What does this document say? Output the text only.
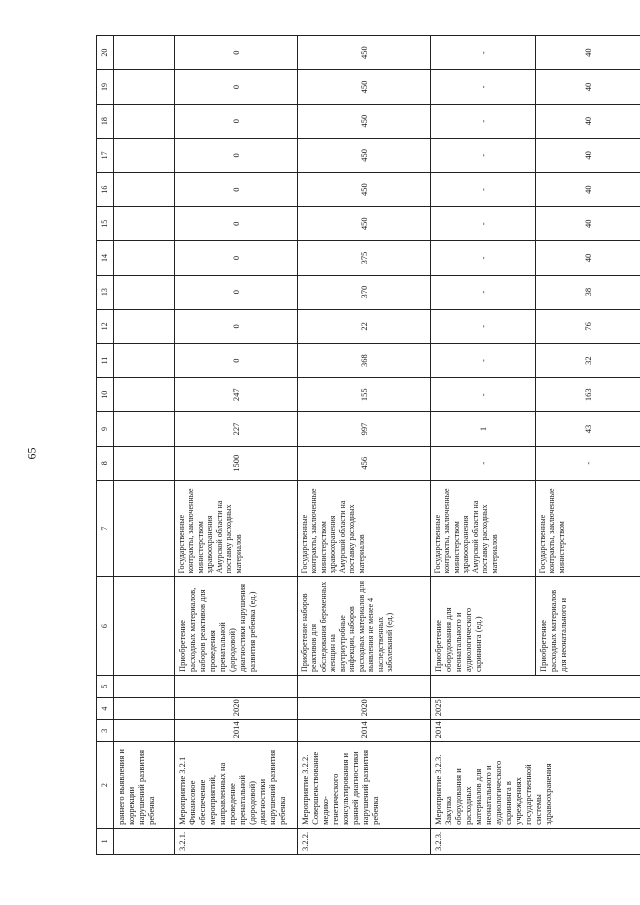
65
1	2	3	4	5	6	7	8	9	10	11	12	13	14	15	16	17	18	19	20
	раннего выявления и коррекции нарушений развития ребенка																		
3.2.1.	Мероприятие 3.2.1 Финансовое обеспечение мероприятий, направленных на проведение пренатальной (дородовой) диагностики нарушений развития ребенка	2014	2020		Приобретение расходных материалов, наборов реактивов для проведения пренатальной (дородовой) диагностики нарушения развития ребенка (ед.)	Государственные контракты, заключенные министерством здравоохранения Амурской области на поставку расходных материалов	1500	227	247	0	0	0	0	0	0	0	0	0	0
3.2.2.	Мероприятие 3.2.2. Совершенствование медико-генетического консультирования и ранней диагностики нарушений развития ребенка	2014	2020		Приобретение наборов реактивов для обследования беременных женщин на внутриутробные инфекции, наборов расходных материалов для выявления не менее 4 наследственных заболеваний (ед.)	Государственные контракты, заключенные министерством здравоохранения Амурской области на поставку расходных материалов	456	997	155	368	22	370	375	450	450	450	450	450	450
3.2.3.	Мероприятие 3.2.3. Закупка оборудования и расходных материалов для неонатального и аудиологического скрининга в учреждениях государственной системы здравоохранения	2014	2025		Приобретение оборудования для неонатального и аудиологического скрининга (ед.)	Государственные контракты, заключенные министерством здравоохранения Амурской области на поставку расходных материалов	-	1	-	-	-	-	-	-	-	-	-	-	-
					Приобретение расходных материалов для неонатального и	Государственные контракты, заключенные министерством	-	43	163	32	76	38	40	40	40	40	40	40	40
